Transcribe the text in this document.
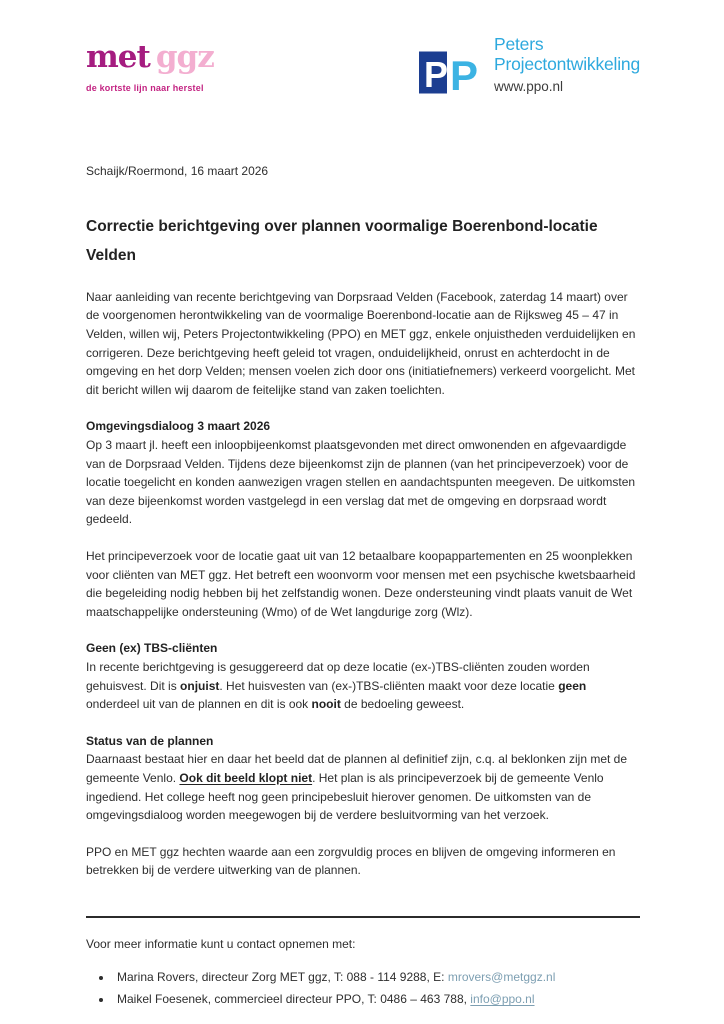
met ggz
de kortste lijn naar herstel	P P
Peters
Projectontwikkeling
www.ppo.nl
Schaijk/Roermond, 16 maart 2026
Correctie berichtgeving over plannen voormalige Boerenbond-locatie Velden

Naar aanleiding van recente berichtgeving van Dorpsraad Velden (Facebook, zaterdag 14 maart) over de voorgenomen herontwikkeling van de voormalige Boerenbond-locatie aan de Rijksweg 45 – 47 in Velden, willen wij, Peters Projectontwikkeling (PPO) en MET ggz, enkele onjuistheden verduidelijken en corrigeren. Deze berichtgeving heeft geleid tot vragen, onduidelijkheid, onrust en achterdocht in de omgeving en het dorp Velden; mensen voelen zich door ons (initiatiefnemers) verkeerd voorgelicht. Met dit bericht willen wij daarom de feitelijke stand van zaken toelichten.

Omgevingsdialoog 3 maart 2026

Op 3 maart jl. heeft een inloopbijeenkomst plaatsgevonden met direct omwonenden en afgevaardigde van de Dorpsraad Velden. Tijdens deze bijeenkomst zijn de plannen (van het principeverzoek) voor de locatie toegelicht en konden aanwezigen vragen stellen en aandachtspunten meegeven. De uitkomsten van deze bijeenkomst worden vastgelegd in een verslag dat met de omgeving en dorpsraad wordt gedeeld.

Het principeverzoek voor de locatie gaat uit van 12 betaalbare koopappartementen en 25 woonplekken voor cliënten van MET ggz. Het betreft een woonvorm voor mensen met een psychische kwetsbaarheid die begeleiding nodig hebben bij het zelfstandig wonen. Deze ondersteuning vindt plaats vanuit de Wet maatschappelijke ondersteuning (Wmo) of de Wet langdurige zorg (Wlz).

Geen (ex) TBS-cliënten

In recente berichtgeving is gesuggereerd dat op deze locatie (ex-)TBS-cliënten zouden worden gehuisvest. Dit is onjuist. Het huisvesten van (ex-)TBS-cliënten maakt voor deze locatie geen onderdeel uit van de plannen en dit is ook nooit de bedoeling geweest.

Status van de plannen

Daarnaast bestaat hier en daar het beeld dat de plannen al definitief zijn, c.q. al beklonken zijn met de gemeente Venlo. Ook dit beeld klopt niet. Het plan is als principeverzoek bij de gemeente Venlo ingediend. Het college heeft nog geen principebesluit hierover genomen. De uitkomsten van de omgevingsdialoog worden meegewogen bij de verdere besluitvorming van het verzoek.

PPO en MET ggz hechten waarde aan een zorgvuldig proces en blijven de omgeving informeren en betrekken bij de verdere uitwerking van de plannen.

Voor meer informatie kunt u contact opnemen met:

• Marina Rovers, directeur Zorg MET ggz, T: 088 - 114 9288, E: mrovers@metggz.nl
• Maikel Foesenek, commercieel directeur PPO, T: 0486 – 463 788, info@ppo.nl
